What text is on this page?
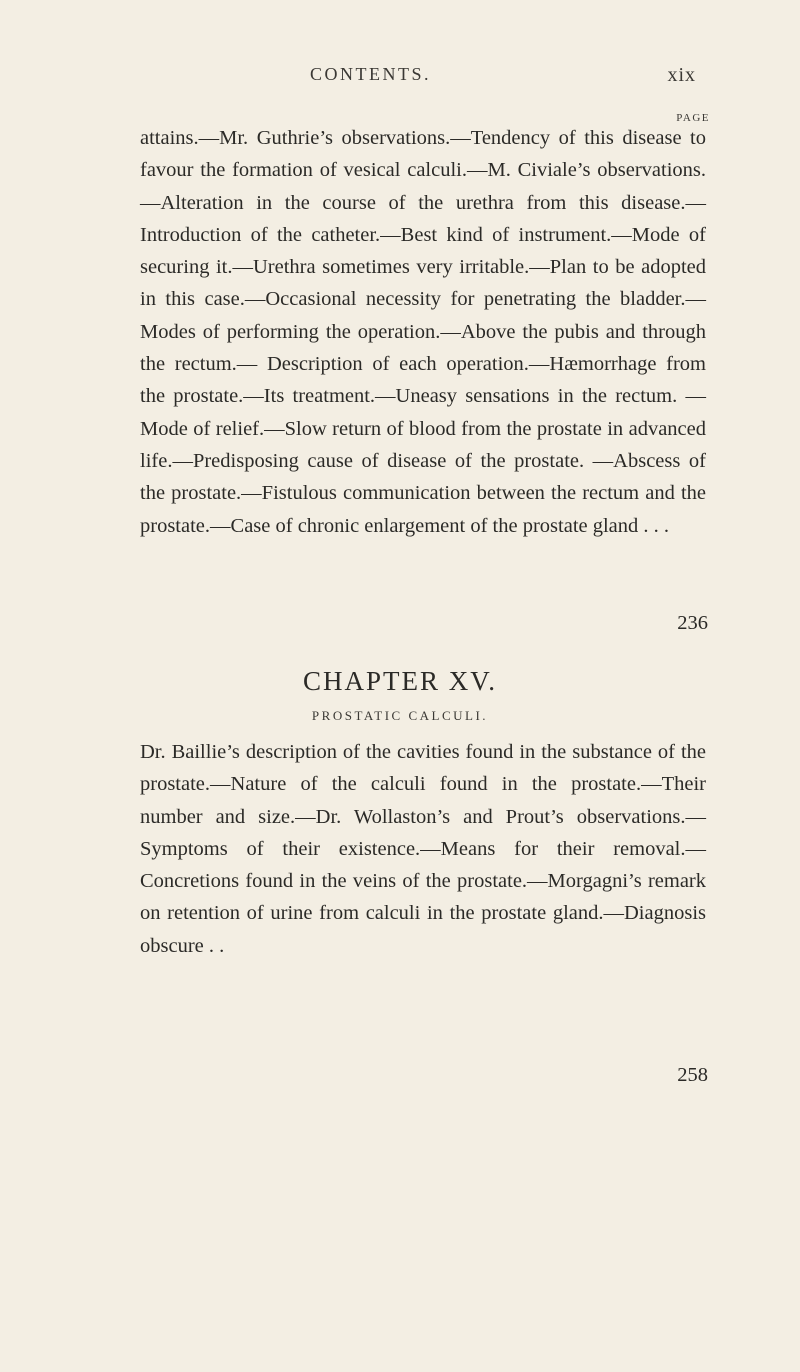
CONTENTS.	xix
PAGE
attains.—Mr. Guthrie’s observations.—Tendency of this disease to favour the formation of vesical calculi.—M. Civiale’s observations.—Alteration in the course of the urethra from this disease.—Introduction of the catheter.—Best kind of instrument.—Mode of securing it.—Urethra sometimes very irritable.—Plan to be adopted in this case.—Occasional necessity for penetrating the bladder.—Modes of performing the operation.—Above the pubis and through the rectum.— Description of each operation.—Hæmorrhage from the prostate.—Its treatment.—Uneasy sensations in the rectum. —Mode of relief.—Slow return of blood from the prostate in advanced life.—Predisposing cause of disease of the prostate. —Abscess of the prostate.—Fistulous communication between the rectum and the prostate.—Case of chronic enlargement of the prostate gland . . .
236
CHAPTER XV.
PROSTATIC CALCULI.
Dr. Baillie’s description of the cavities found in the substance of the prostate.—Nature of the calculi found in the prostate.—Their number and size.—Dr. Wollaston’s and Prout’s observations.—Symptoms of their existence.—Means for their removal.—Concretions found in the veins of the prostate.—Morgagni’s remark on retention of urine from calculi in the prostate gland.—Diagnosis obscure . .
258
